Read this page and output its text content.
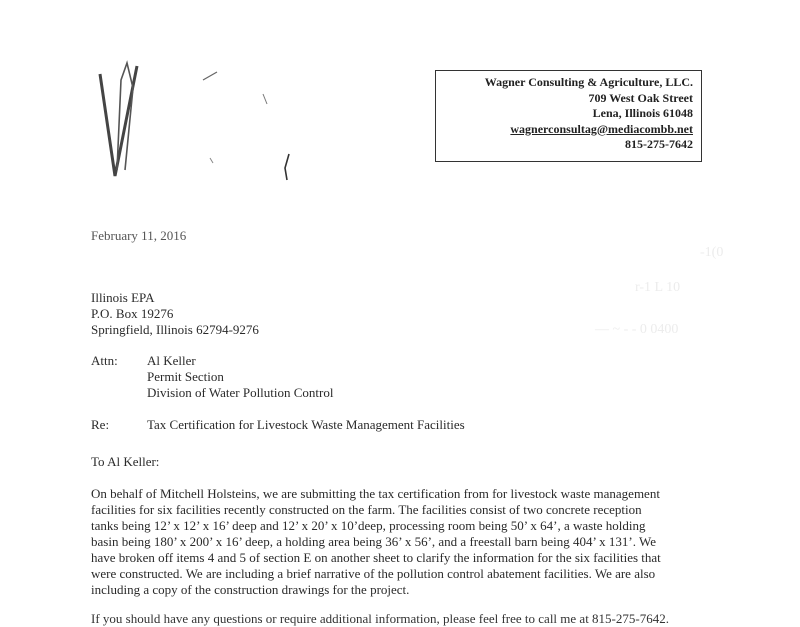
-1(0
r-1 L 10
— ~ - - 0 0400
Wagner Consulting & Agriculture, LLC.
709 West Oak Street
Lena, Illinois 61048
wagnerconsultag@mediacombb.net
815-275-7642
February 11, 2016
Illinois EPA
P.O. Box 19276
Springfield, Illinois 62794-9276
Attn: Al Keller
Permit Section
Division of Water Pollution Control
Re:	Tax Certification for Livestock Waste Management Facilities
To Al Keller:
On behalf of Mitchell Holsteins, we are submitting the tax certification from for livestock waste management
facilities for six facilities recently constructed on the farm. The facilities consist of two concrete reception
tanks being 12’ x 12’ x 16’ deep and 12’ x 20’ x 10’deep, processing room being 50’ x 64’, a waste holding
basin being 180’ x 200’ x 16’ deep, a holding area being 36’ x 56’, and a freestall barn being 404’ x 131’. We
have broken off items 4 and 5 of section E on another sheet to clarify the information for the six facilities that
were constructed. We are including a brief narrative of the pollution control abatement facilities. We are also
including a copy of the construction drawings for the project.
If you should have any questions or require additional information, please feel free to call me at 815-275-7642.
